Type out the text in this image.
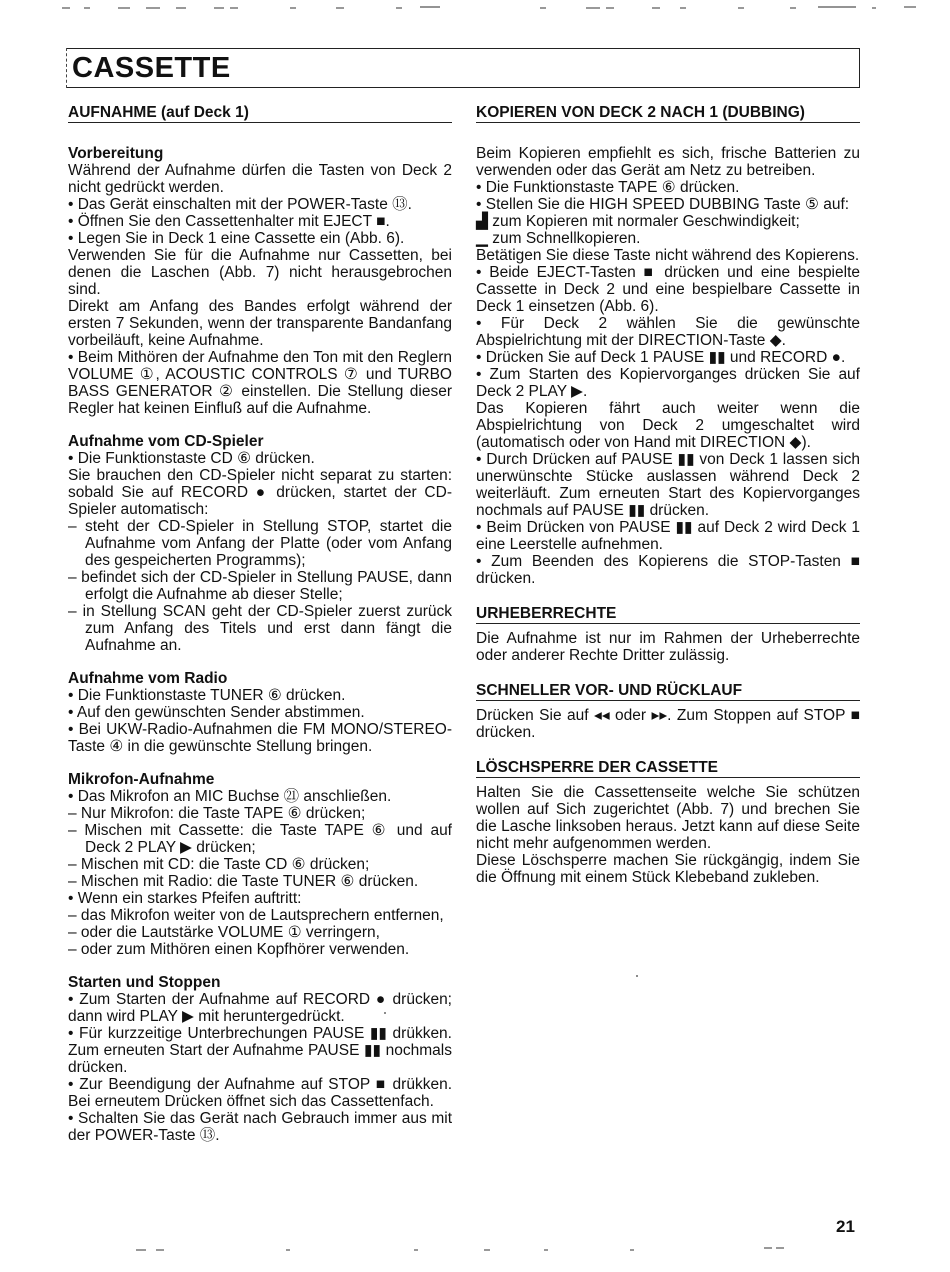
CASSETTE
AUFNAHME (auf Deck 1)
Vorbereitung
Während der Aufnahme dürfen die Tasten von Deck 2 nicht gedrückt werden.
• Das Gerät einschalten mit der POWER-Taste ⑬.
• Öffnen Sie den Cassettenhalter mit EJECT ■.
• Legen Sie in Deck 1 eine Cassette ein (Abb. 6).
Verwenden Sie für die Aufnahme nur Cassetten, bei denen die Laschen (Abb. 7) nicht herausgebrochen sind.
Direkt am Anfang des Bandes erfolgt während der ersten 7 Sekunden, wenn der transparente Bandanfang vorbeiläuft, keine Aufnahme.
• Beim Mithören der Aufnahme den Ton mit den Reglern VOLUME ①, ACOUSTIC CONTROLS ⑦ und TURBO BASS GENERATOR ② einstellen. Die Stellung dieser Regler hat keinen Einfluß auf die Aufnahme.
Aufnahme vom CD-Spieler
• Die Funktionstaste CD ⑥ drücken.
Sie brauchen den CD-Spieler nicht separat zu starten: sobald Sie auf RECORD ● drücken, startet der CD-Spieler automatisch:
– steht der CD-Spieler in Stellung STOP, startet die Aufnahme vom Anfang der Platte (oder vom Anfang des gespeicherten Programms);
– befindet sich der CD-Spieler in Stellung PAUSE, dann erfolgt die Aufnahme ab dieser Stelle;
– in Stellung SCAN geht der CD-Spieler zuerst zurück zum Anfang des Titels und erst dann fängt die Aufnahme an.
Aufnahme vom Radio
• Die Funktionstaste TUNER ⑥ drücken.
• Auf den gewünschten Sender abstimmen.
• Bei UKW-Radio-Aufnahmen die FM MONO/STEREO-Taste ④ in die gewünschte Stellung bringen.
Mikrofon-Aufnahme
• Das Mikrofon an MIC Buchse ㉑ anschließen.
– Nur Mikrofon: die Taste TAPE ⑥ drücken;
– Mischen mit Cassette: die Taste TAPE ⑥ und auf Deck 2 PLAY ▶ drücken;
– Mischen mit CD: die Taste CD ⑥ drücken;
– Mischen mit Radio: die Taste TUNER ⑥ drücken.
• Wenn ein starkes Pfeifen auftritt:
– das Mikrofon weiter von de Lautsprechern entfernen,
– oder die Lautstärke VOLUME ① verringern,
– oder zum Mithören einen Kopfhörer verwenden.
Starten und Stoppen
• Zum Starten der Aufnahme auf RECORD ● drücken; dann wird PLAY ▶ mit heruntergedrückt.
• Für kurzzeitige Unterbrechungen PAUSE ▮▮ drükken. Zum erneuten Start der Aufnahme PAUSE ▮▮ nochmals drücken.
• Zur Beendigung der Aufnahme auf STOP ■ drükken. Bei erneutem Drücken öffnet sich das Cassettenfach.
• Schalten Sie das Gerät nach Gebrauch immer aus mit der POWER-Taste ⑬.
KOPIEREN VON DECK 2 NACH 1 (DUBBING)
Beim Kopieren empfiehlt es sich, frische Batterien zu verwenden oder das Gerät am Netz zu betreiben.
• Die Funktionstaste TAPE ⑥ drücken.
• Stellen Sie die HIGH SPEED DUBBING Taste ⑤ auf:
▟ zum Kopieren mit normaler Geschwindigkeit;
▁ zum Schnellkopieren.
Betätigen Sie diese Taste nicht während des Kopierens.
• Beide EJECT-Tasten ■ drücken und eine bespielte Cassette in Deck 2 und eine bespielbare Cassette in Deck 1 einsetzen (Abb. 6).
• Für Deck 2 wählen Sie die gewünschte Abspielrichtung mit der DIRECTION-Taste ◆.
• Drücken Sie auf Deck 1 PAUSE ▮▮ und RECORD ●.
• Zum Starten des Kopiervorganges drücken Sie auf Deck 2 PLAY ▶.
Das Kopieren fährt auch weiter wenn die Abspielrichtung von Deck 2 umgeschaltet wird (automatisch oder von Hand mit DIRECTION ◆).
• Durch Drücken auf PAUSE ▮▮ von Deck 1 lassen sich unerwünschte Stücke auslassen während Deck 2 weiterläuft. Zum erneuten Start des Kopiervorganges nochmals auf PAUSE ▮▮ drücken.
• Beim Drücken von PAUSE ▮▮ auf Deck 2 wird Deck 1 eine Leerstelle aufnehmen.
• Zum Beenden des Kopierens die STOP-Tasten ■ drücken.
URHEBERRECHTE
Die Aufnahme ist nur im Rahmen der Urheberrechte oder anderer Rechte Dritter zulässig.
SCHNELLER VOR- UND RÜCKLAUF
Drücken Sie auf ◂◂ oder ▸▸. Zum Stoppen auf STOP ■ drücken.
LÖSCHSPERRE DER CASSETTE
Halten Sie die Cassettenseite welche Sie schützen wollen auf Sich zugerichtet (Abb. 7) und brechen Sie die Lasche linksoben heraus. Jetzt kann auf diese Seite nicht mehr aufgenommen werden.
Diese Löschsperre machen Sie rückgängig, indem Sie die Öffnung mit einem Stück Klebeband zukleben.
21
